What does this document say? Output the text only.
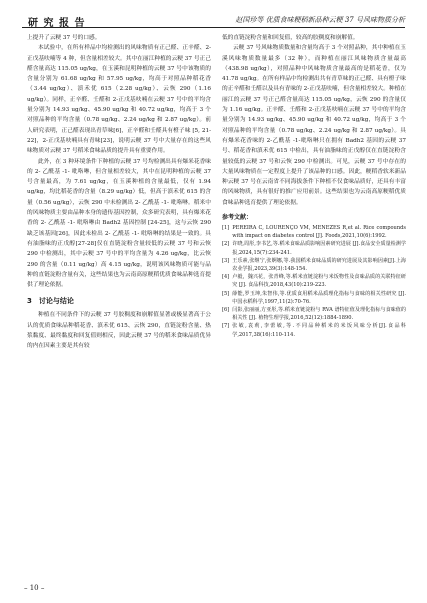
研 究 报 告	赵国珍等 优质食味粳稻新品种云粳 37 号风味物质分析

上提升了云粳 37 号的口感。

本试验中，在所有样品中均检测出的风味物质有正己醛、正辛醛、2-正戊基呋喃等 4 种，但含量相差较大。其中在丽江种植的云粳 37 号正己醛含量高达 115.05 ug/kg，在玉溪和昆明种植的云粳 37 号中该物质的含量分别为 61.68 ug/kg 和 57.95 ug/kg，均高于对照品种稻花香（3.44 ug/kg）、滇禾优 615（2.28 ug/kg）、云恢 290（1.16 ug/kg）。同样，正辛醛、壬醛和 2-正戊基呋喃在云粳 37 号中的平均含量分别为 14.93 ug/kg、45.90 ug/kg 和 40.72 ug/kg，均高于 3 个对照品种的平均含量（0.78 ug/kg、2.24 ug/kg 和 2.87 ug/kg）。前人研究表明，正己醛表现出青草味[6]，正辛醛和壬醛具有橙子味 [5, 21-22]，2-正戊基呋喃具有青味[23]，说明云粳 37 号中大量存在的这些风味物质对云粳 37 号稻米食味品质的提升具有重要作用。

此外，在 3 种环境条件下种植的云粳 37 号均检测出具有爆米花香味的 2- 乙酰基 -1- 吡咯啉，但含量相差较大，其中在昆明种植的云粳 37 号含量最高，为 7.61 ug/kg，在玉溪种植的含量最低，仅有 1.94 ug/kg，均比稻花香的含量（8.29 ug/kg）低，但高于滇禾优 615 的含量（0.56 ug/kg），云恢 290 中未检测出 2- 乙酰基 -1- 吡咯啉。稻米中的风味物质主要由品种本身的遗传基因控制，众多研究表明，具有爆米花香的 2- 乙酰基 -1- 吡咯啉由 Badh2 基因控制 [24-25]，这与云恢 290 缺乏该基因[26]，因此未检出 2- 乙酰基 -1- 吡咯啉的结果是一致的。具有油脂味的正戊醇[27-28]仅在直链淀粉含量较低的云粳 37 号和云恢 290 中检测出，其中云粳 37 号中的平均含量为 4.26 ug/kg，比云恢 290 的含量（0.11 ug/kg）高 4.15 ug/kg，说明该风味物质可能与品种的直链淀粉含量有关，这些结果也为云南高原粳稻优质食味品种选育提供了理论依据。

3　讨论与结论

种植在不同条件下的云粳 37 号胶稠度和崩解值显著或极显著高于公认的优质食味品种稻花香、滇禾优 615、云恢 290，直链淀粉含量、热浆黏度、最终黏度和回复值则相反，因此云粳 37 号的稻米食味品质优异的内在因素主要是其有较

低的直链淀粉含量和回复值，较高的胶稠度和崩解值。

云粳 37 号风味物质数量和含量均高于 3 个对照品种，其中种植在玉溪风味物质数量最多（32 种），而种植在丽江风味物质含量最高（438.98 ug/kg），对照品种中风味物质含量最高的是稻花香，仅为 41.78 ug/kg。在所有样品中均检测出共有青草味的正己醛、具有橙子味的正辛醛和壬醛以及具有青味的 2-正戊基呋喃，但含量相差较大。种植在丽江的云粳 37 号正己醛含量高达 115.05 ug/kg，云恢 290 的含量仅为 1.16 ug/kg。正辛醛、壬醛和 2-正戊基呋喃在云粳 37 号中的平均含量分别为 14.93 ug/kg、45.90 ug/kg 和 40.72 ug/kg，均高于 3 个对照品种的平均含量（0.78 ug/kg、2.24 ug/kg 和 2.87 ug/kg）。具有爆米花香味的 2-乙酰基 -1-吡咯啉只在拥有 Badh2 基因的云粳 37 号、稻花香和滇禾优 615 中检出，具有油脂味的正戊醇仅在直链淀粉含量较低的云粳 37 号和云恢 290 中检测出。可见，云粳 37 号中存在的大量风味物质在一定程度上提升了该品种的口感。因此，粳稻香软米新品种云粳 37 号在云南省不同海拔条件下种植不仅食味品质好，还具有丰富的风味物质，具有很好的推广应用前景。这些结果也为云南高原粳稻优质食味品种选育提供了理论依据。

参考文献：
[1] PEREIRA C, LOURENÇO VM, MENEZES R,et al. Rice compounds with impact on diabetes control [J]. Foods,2021,10(6):1992.
[2] 许晓,周彤,李书艺,等.稻米食味品质影响因素研究进展 [J].食品安全质量检测学报,2024,15(7):234-241.
[3] 王乐素,张继宁,张婀娜,等.我国稻米食味品质的研究进展及其影响因素[J].上海农业学报,2023,39(3):148-154.
[4] 卢毅，魏兴花，张青峰,等.稻米直链淀粉与米饭物性及食味品质的关联特征研究 [J]. 食品科技,2018,43(10):219-223.
[5] 薛能,罗玉坤,朱智伟,等.优质食用稻米品质理化指标与食味的相关性研究 [J]. 中国水稻科学,1997,11(2):70-76.
[6] 闫影,张丽丽,方亚彤,等.稻米直链淀粉与 RVA 谱特征值及理化指标与食味值的相关性 [J]. 植物生理学报,2016,52(12):1884-1890.
[7] 张敏,袁莉,李蕾敏,等.不同品种稻米的米饭风味分析[J].食品科学,2017,38(16):110-114.
– 10 –
